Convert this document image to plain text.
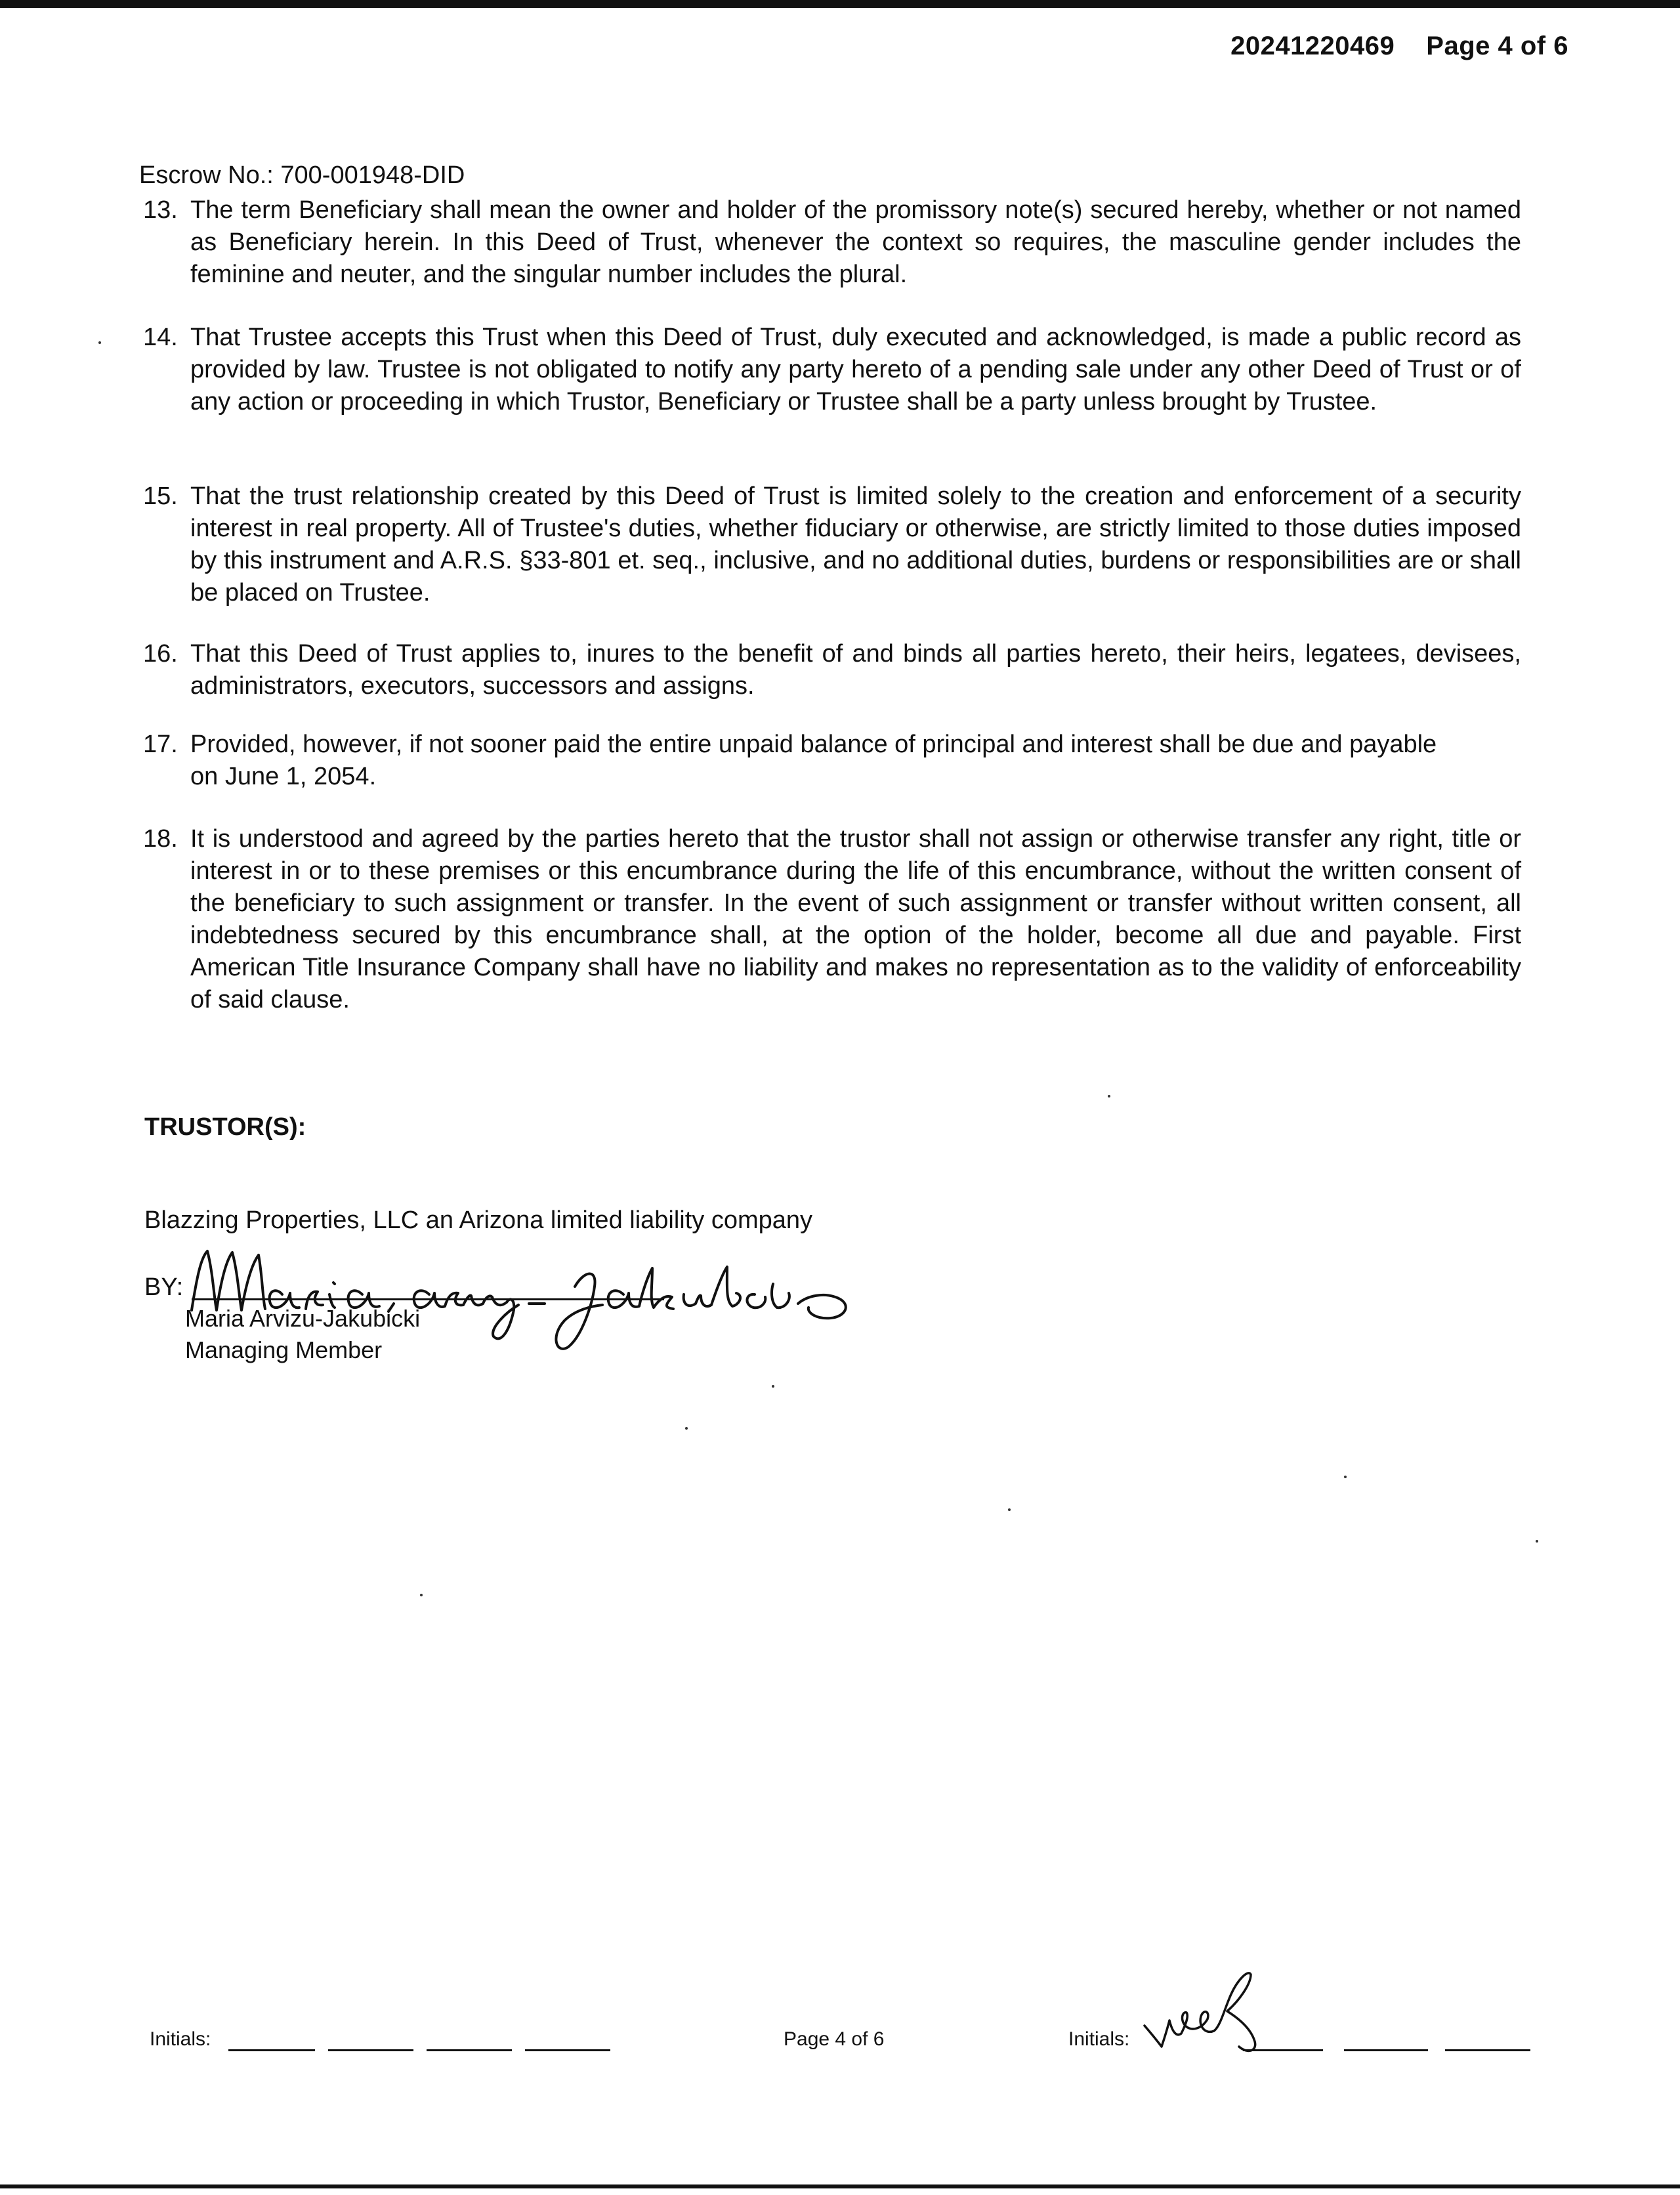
20241220469 Page 4 of 6
Escrow No.: 700-001948-DID
13. The term Beneficiary shall mean the owner and holder of the promissory note(s) secured hereby, whether or not named as Beneficiary herein. In this Deed of Trust, whenever the context so requires, the masculine gender includes the feminine and neuter, and the singular number includes the plural.
14. That Trustee accepts this Trust when this Deed of Trust, duly executed and acknowledged, is made a public record as provided by law. Trustee is not obligated to notify any party hereto of a pending sale under any other Deed of Trust or of any action or proceeding in which Trustor, Beneficiary or Trustee shall be a party unless brought by Trustee.
15. That the trust relationship created by this Deed of Trust is limited solely to the creation and enforcement of a security interest in real property. All of Trustee's duties, whether fiduciary or otherwise, are strictly limited to those duties imposed by this instrument and A.R.S. §33-801 et. seq., inclusive, and no additional duties, burdens or responsibilities are or shall be placed on Trustee.
16. That this Deed of Trust applies to, inures to the benefit of and binds all parties hereto, their heirs, legatees, devisees, administrators, executors, successors and assigns.
17. Provided, however, if not sooner paid the entire unpaid balance of principal and interest shall be due and payable on June 1, 2054.
18. It is understood and agreed by the parties hereto that the trustor shall not assign or otherwise transfer any right, title or interest in or to these premises or this encumbrance during the life of this encumbrance, without the written consent of the beneficiary to such assignment or transfer. In the event of such assignment or transfer without written consent, all indebtedness secured by this encumbrance shall, at the option of the holder, become all due and payable. First American Title Insurance Company shall have no liability and makes no representation as to the validity of enforceability of said clause.
TRUSTOR(S):
Blazzing Properties, LLC an Arizona limited liability company
BY:
Maria Arvizu-Jakubicki
Managing Member
Initials:	Page 4 of 6	Initials:
